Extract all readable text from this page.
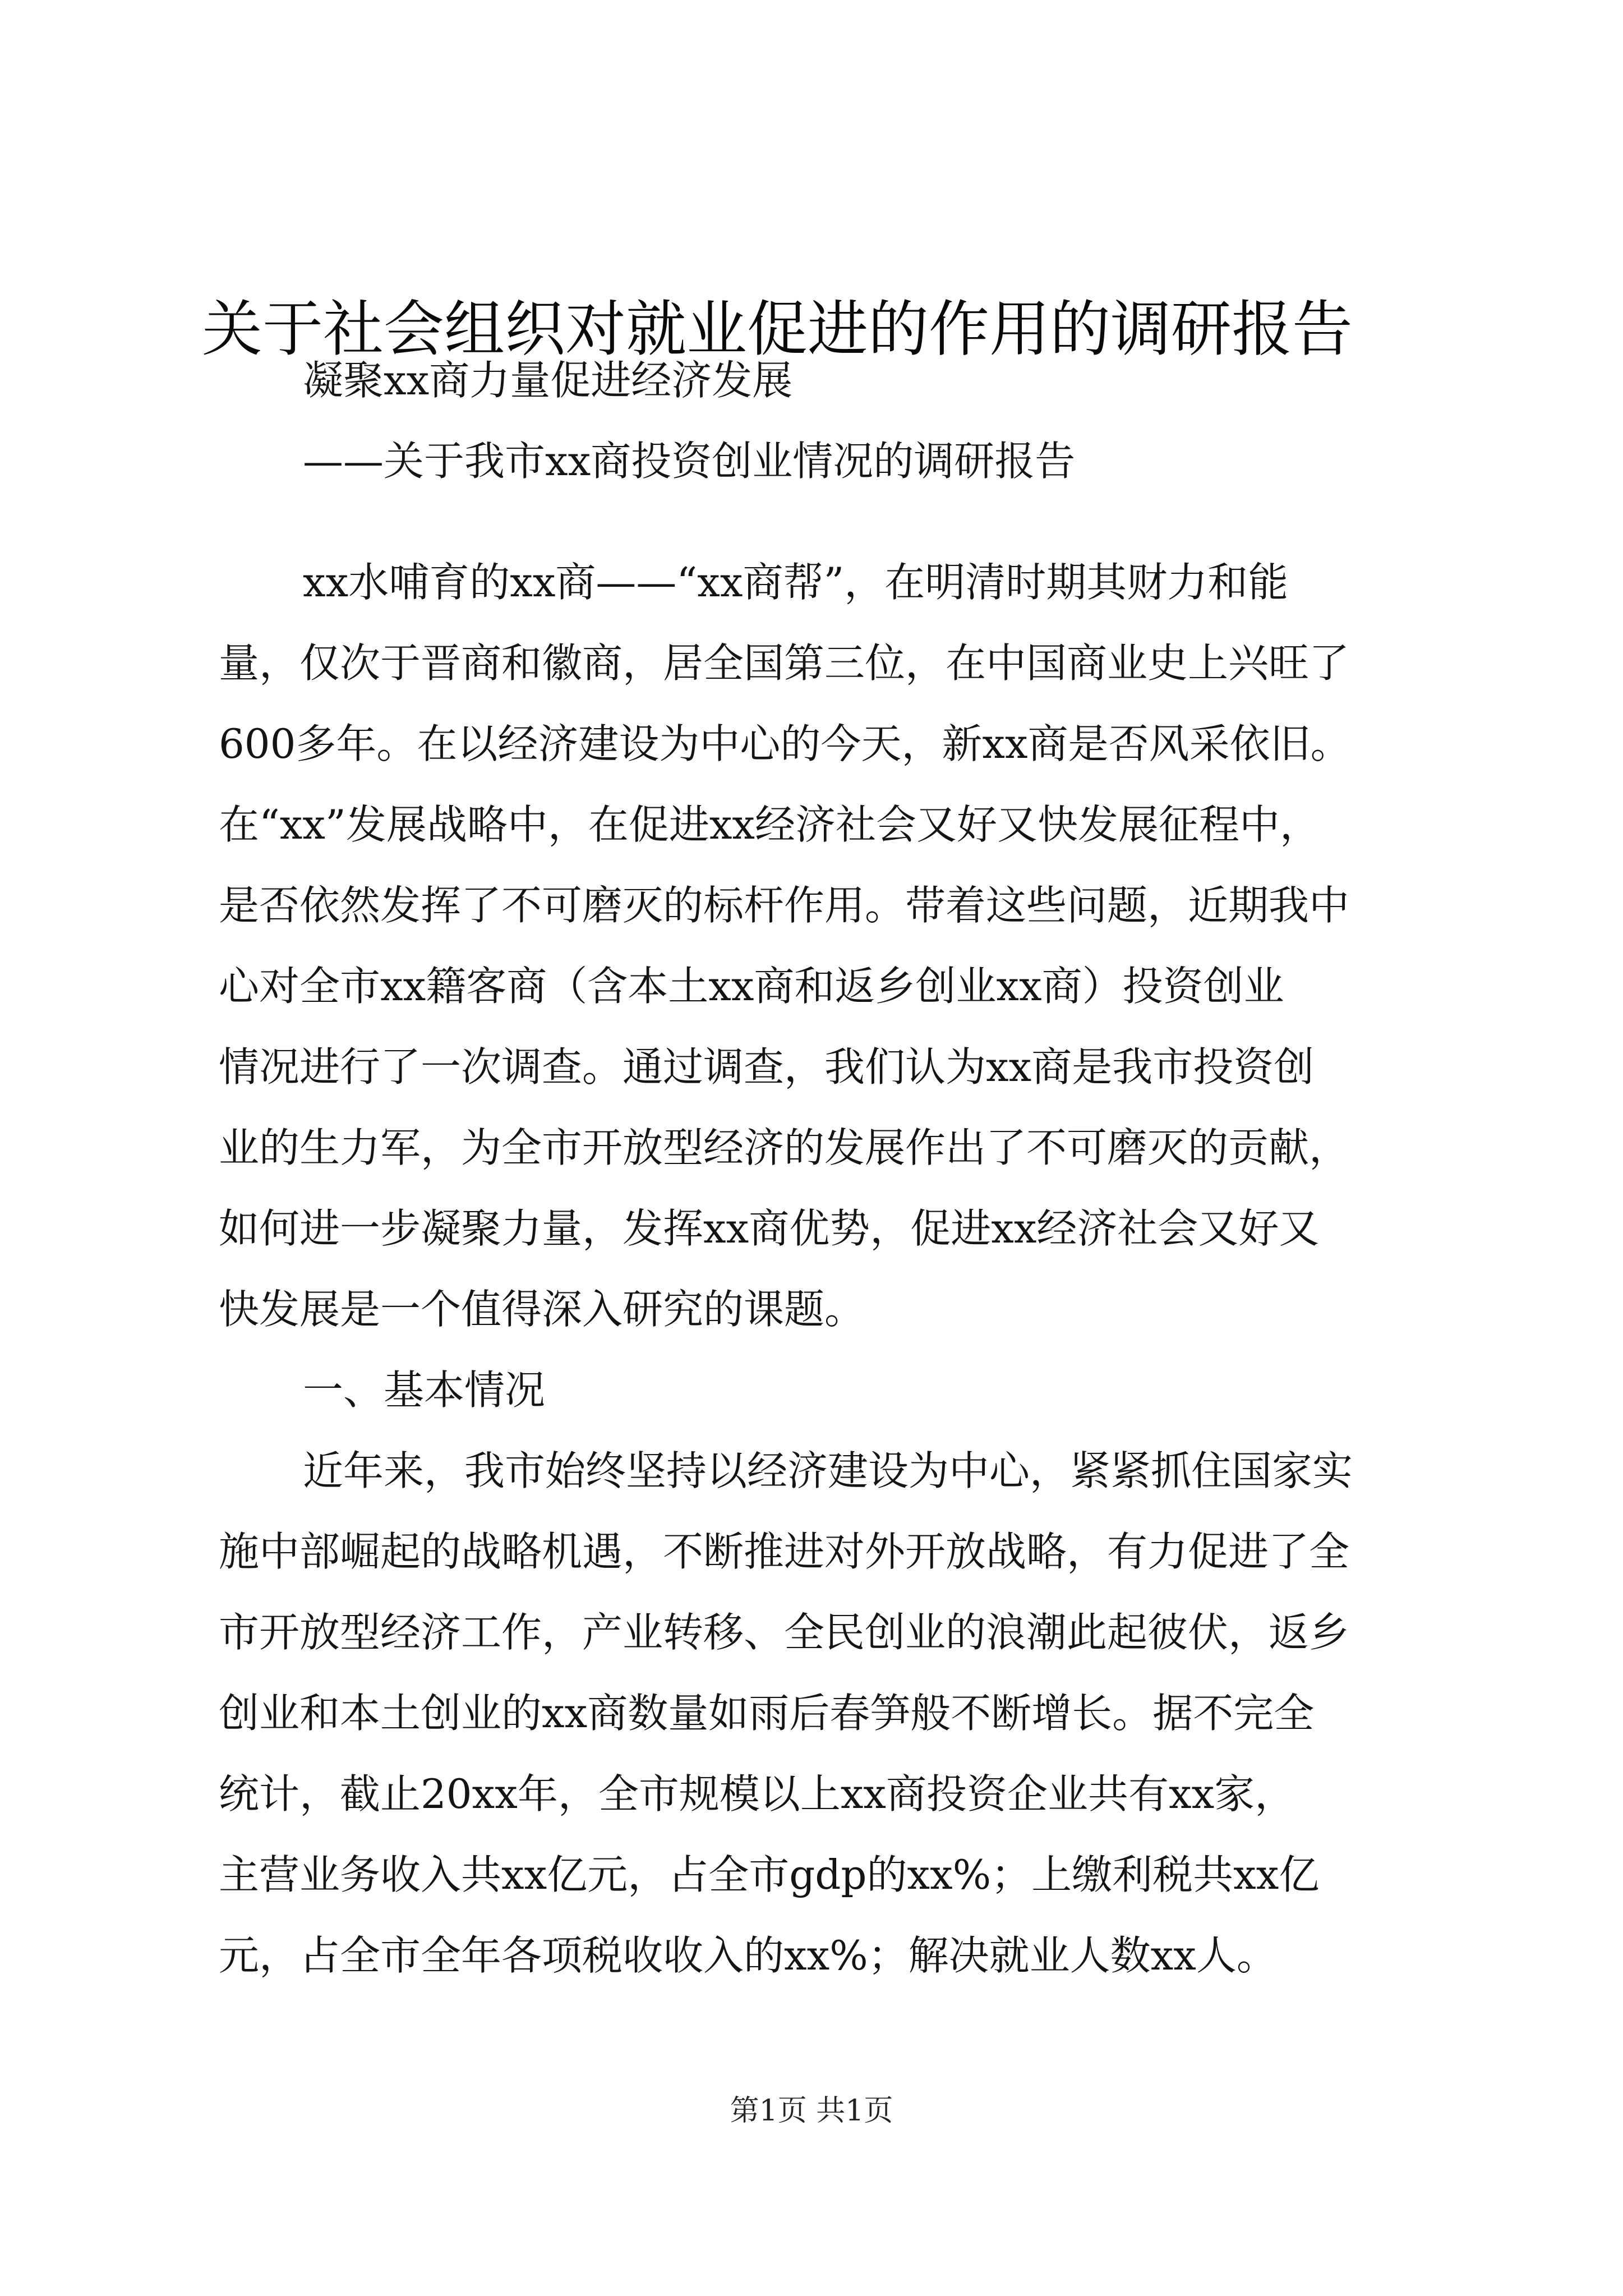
关于社会组织对就业促进的作用的调研报告
凝聚xx商力量促进经济发展
——关于我市xx商投资创业情况的调研报告
xx水哺育的xx商——“xx商帮”，在明清时期其财力和能
量，仅次于晋商和徽商，居全国第三位，在中国商业史上兴旺了
600多年。在以经济建设为中心的今天，新xx商是否风采依旧。
在“xx”发展战略中，在促进xx经济社会又好又快发展征程中，
是否依然发挥了不可磨灭的标杆作用。带着这些问题，近期我中
心对全市xx籍客商（含本土xx商和返乡创业xx商）投资创业
情况进行了一次调查。通过调查，我们认为xx商是我市投资创
业的生力军，为全市开放型经济的发展作出了不可磨灭的贡献，
如何进一步凝聚力量，发挥xx商优势，促进xx经济社会又好又
快发展是一个值得深入研究的课题。
一、基本情况
近年来，我市始终坚持以经济建设为中心，紧紧抓住国家实
施中部崛起的战略机遇，不断推进对外开放战略，有力促进了全
市开放型经济工作，产业转移、全民创业的浪潮此起彼伏，返乡
创业和本土创业的xx商数量如雨后春笋般不断增长。据不完全
统计，截止20xx年，全市规模以上xx商投资企业共有xx家，
主营业务收入共xx亿元，占全市gdp的xx%；上缴利税共xx亿
元，占全市全年各项税收收入的xx%；解决就业人数xx人。
第1页 共1页
